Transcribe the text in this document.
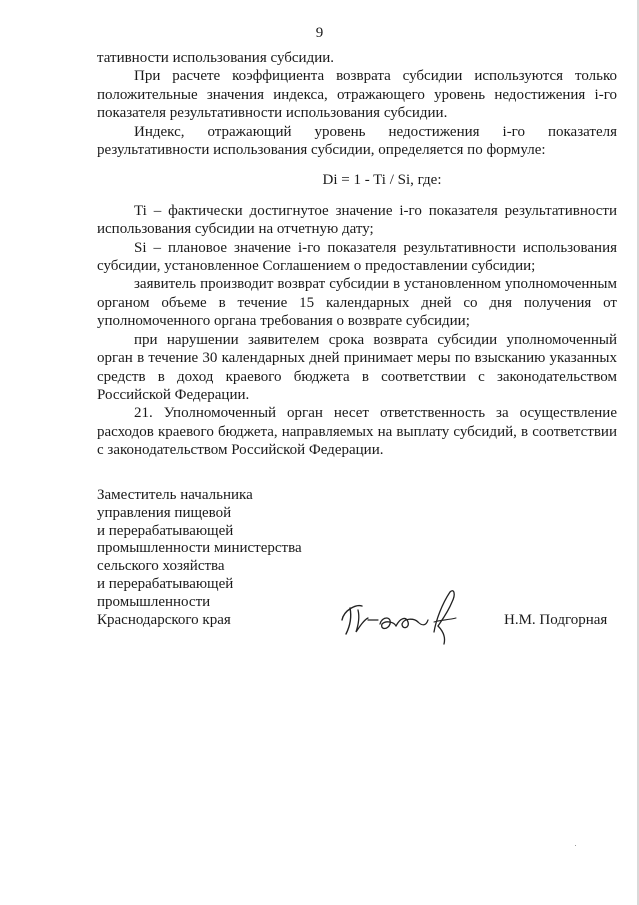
9

тативности использования субсидии.

При расчете коэффициента возврата субсидии используются только положительные значения индекса, отражающего уровень недостижения i-го показателя результативности использования субсидии.

Индекс, отражающий уровень недостижения i-го показателя результативности использования субсидии, определяется по формуле:

Di = 1 - Ti / Si, где:

Ti – фактически достигнутое значение i-го показателя результативности использования субсидии на отчетную дату;

Si – плановое значение i-го показателя результативности использования субсидии, установленное Соглашением о предоставлении субсидии;

заявитель производит возврат субсидии в установленном уполномоченным органом объеме в течение 15 календарных дней со дня получения от уполномоченного органа требования о возврате субсидии;

при нарушении заявителем срока возврата субсидии уполномоченный орган в течение 30 календарных дней принимает меры по взысканию указанных средств в доход краевого бюджета в соответствии с законодательством Российской Федерации.

21. Уполномоченный орган несет ответственность за осуществление расходов краевого бюджета, направляемых на выплату субсидий, в соответствии с законодательством Российской Федерации.

Заместитель начальника
управления пищевой
и перерабатывающей
промышленности министерства
сельского хозяйства
и перерабатывающей
промышленности
Краснодарского края	Н.М. Подгорная
